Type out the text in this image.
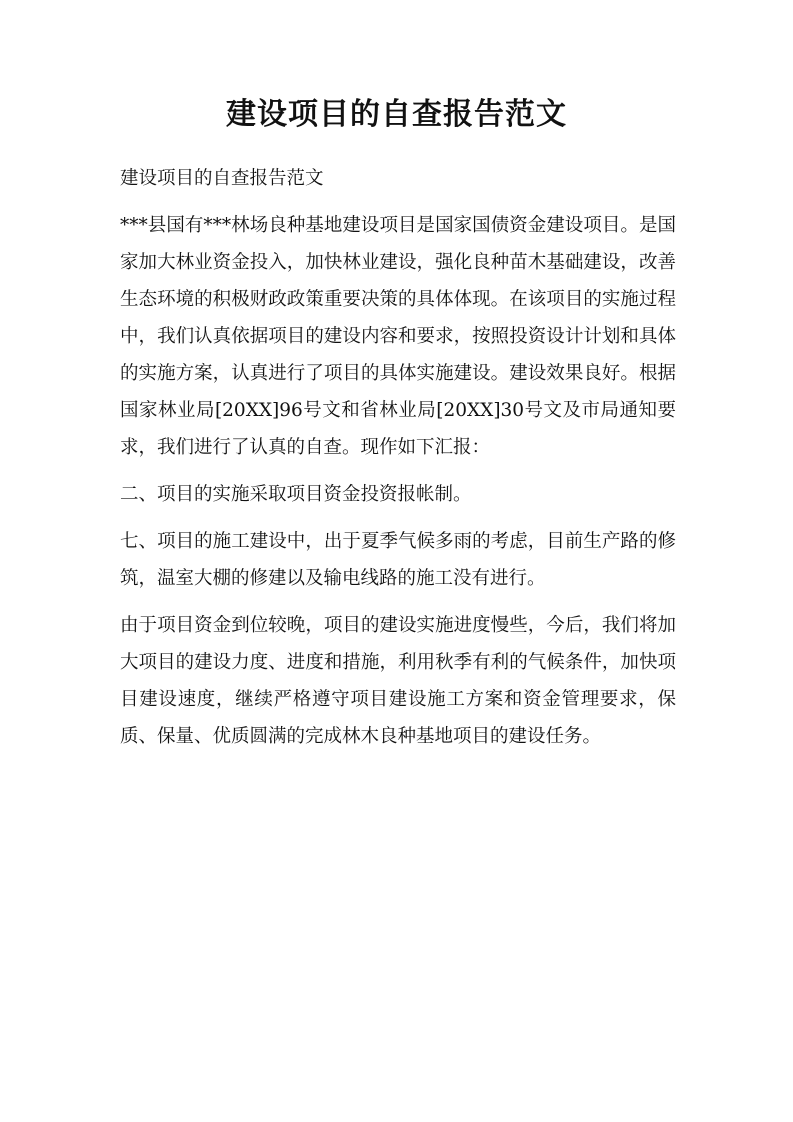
建设项目的自查报告范文

建设项目的自查报告范文

***县国有***林场良种基地建设项目是国家国债资金建设项目。是国家加大林业资金投入，加快林业建设，强化良种苗木基础建设，改善生态环境的积极财政政策重要决策的具体体现。在该项目的实施过程中，我们认真依据项目的建设内容和要求，按照投资设计计划和具体的实施方案，认真进行了项目的具体实施建设。建设效果良好。根据国家林业局[20XX]96号文和省林业局[20XX]30号文及市局通知要求，我们进行了认真的自查。现作如下汇报：

二、项目的实施采取项目资金投资报帐制。

七、项目的施工建设中，出于夏季气候多雨的考虑，目前生产路的修筑，温室大棚的修建以及输电线路的施工没有进行。

由于项目资金到位较晚，项目的建设实施进度慢些，今后，我们将加大项目的建设力度、进度和措施，利用秋季有利的气候条件，加快项目建设速度，继续严格遵守项目建设施工方案和资金管理要求，保质、保量、优质圆满的完成林木良种基地项目的建设任务。
